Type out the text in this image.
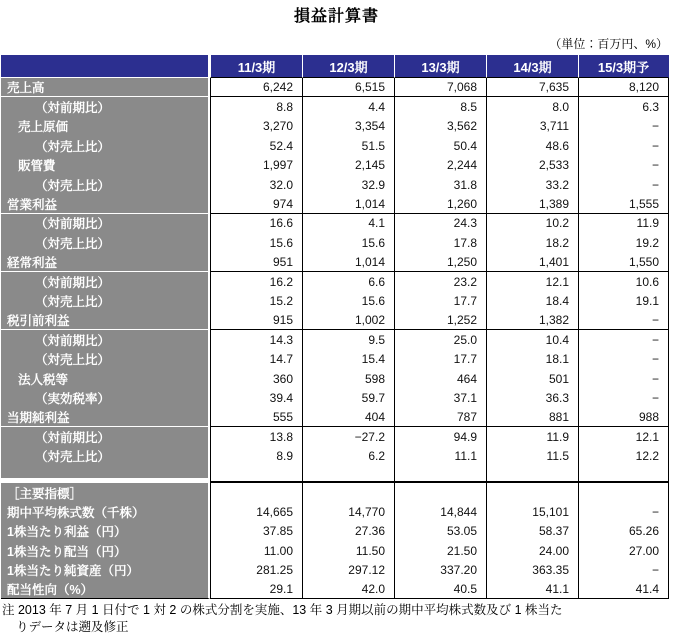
損益計算書
（単位：百万円、%）
11/3期	12/3期	13/3期	14/3期	15/3期予
売上高	6,242	6,515	7,068	7,635	8,120
（対前期比）	8.8	4.4	8.5	8.0	6.3
売上原価	3,270	3,354	3,562	3,711	−
（対売上比）	52.4	51.5	50.4	48.6	−
販管費	1,997	2,145	2,244	2,533	−
（対売上比）	32.0	32.9	31.8	33.2	−
営業利益	974	1,014	1,260	1,389	1,555
（対前期比）	16.6	4.1	24.3	10.2	11.9
（対売上比）	15.6	15.6	17.8	18.2	19.2
経常利益	951	1,014	1,250	1,401	1,550
（対前期比）	16.2	6.6	23.2	12.1	10.6
（対売上比）	15.2	15.6	17.7	18.4	19.1
税引前利益	915	1,002	1,252	1,382	−
（対前期比）	14.3	9.5	25.0	10.4	−
（対売上比）	14.7	15.4	17.7	18.1	−
法人税等	360	598	464	501	−
（実効税率）	39.4	59.7	37.1	36.3	−
当期純利益	555	404	787	881	988
（対前期比）	13.8	−27.2	94.9	11.9	12.1
（対売上比）	8.9	6.2	11.1	11.5	12.2
［主要指標］
期中平均株式数（千株）	14,665	14,770	14,844	15,101	−
1株当たり利益（円）	37.85	27.36	53.05	58.37	65.26
1株当たり配当（円）	11.00	11.50	21.50	24.00	27.00
1株当たり純資産（円）	281.25	297.12	337.20	363.35	−
配当性向（%）	29.1	42.0	40.5	41.1	41.4
注 2013 年 7 月 1 日付で 1 対 2 の株式分割を実施、13 年 3 月期以前の期中平均株式数及び 1 株当た
りデータは遡及修正
